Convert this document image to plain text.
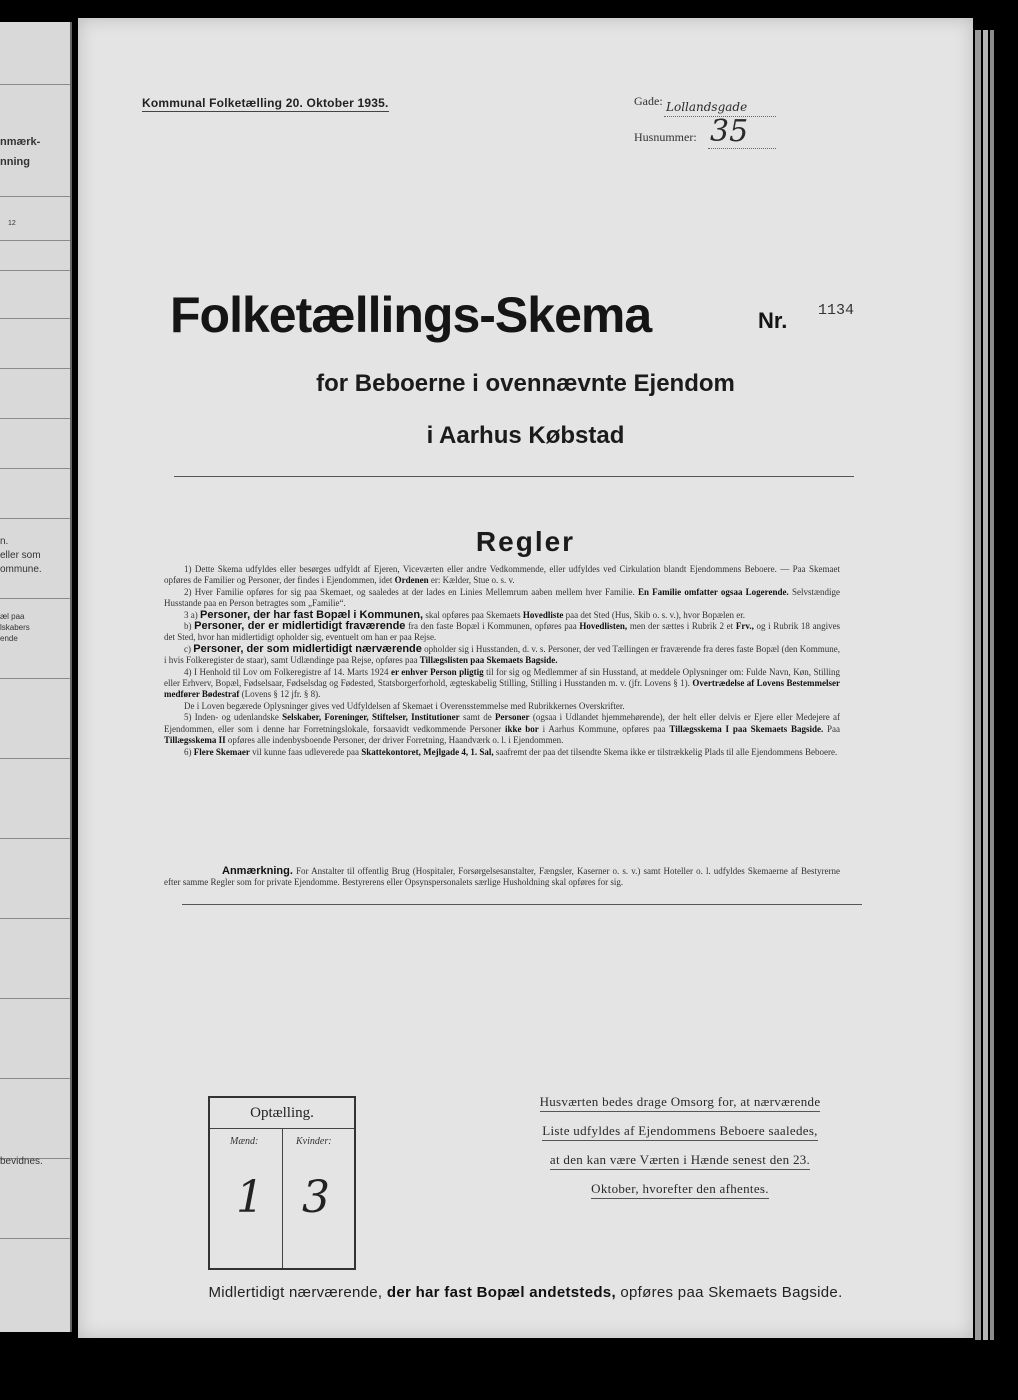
nmærk-
nning
12
n.
eller som
ommune.
æl paa
lskabers
ende
bevidnes.
Kommunal Folketælling 20. Oktober 1935.	Gade: Lollandsgade
Husnummer: 35
Folketællings-Skema	Nr. 1134
for Beboerne i ovennævnte Ejendom
i Aarhus Købstad
Regler

1) Dette Skema udfyldes eller besørges udfyldt af Ejeren, Viceværten eller andre Vedkommende, eller udfyldes ved Cirkulation blandt Ejendommens Beboere. — Paa Skemaet opføres de Familier og Personer, der findes i Ejendommen, idet Ordenen er: Kælder, Stue o. s. v.

2) Hver Familie opføres for sig paa Skemaet, og saaledes at der lades en Linies Mellemrum aaben mellem hver Familie. En Familie omfatter ogsaa Logerende. Selvstændige Husstande paa en Person betragtes som „Familie“.

3 a) Personer, der har fast Bopæl i Kommunen, skal opføres paa Skemaets Hovedliste paa det Sted (Hus, Skib o. s. v.), hvor Bopælen er.

b) Personer, der er midlertidigt fraværende fra den faste Bopæl i Kommunen, opføres paa Hovedlisten, men der sættes i Rubrik 2 et Frv., og i Rubrik 18 angives det Sted, hvor han midlertidigt opholder sig, eventuelt om han er paa Rejse.

c) Personer, der som midlertidigt nærværende opholder sig i Husstanden, d. v. s. Personer, der ved Tællingen er fraværende fra deres faste Bopæl (den Kommune, i hvis Folkeregister de staar), samt Udlændinge paa Rejse, opføres paa Tillægslisten paa Skemaets Bagside.

4) I Henhold til Lov om Folkeregistre af 14. Marts 1924 er enhver Person pligtig til for sig og Medlemmer af sin Husstand, at meddele Oplysninger om: Fulde Navn, Køn, Stilling eller Erhverv, Bopæl, Fødselsaar, Fødselsdag og Fødested, Statsborgerforhold, ægteskabelig Stilling, Stilling i Husstanden m. v. (jfr. Lovens § 1). Overtrædelse af Lovens Bestemmelser medfører Bødestraf (Lovens § 12 jfr. § 8).

De i Loven begærede Oplysninger gives ved Udfyldelsen af Skemaet i Overensstemmelse med Rubrikkernes Overskrifter.

5) Inden- og udenlandske Selskaber, Foreninger, Stiftelser, Institutioner samt de Personer (ogsaa i Udlandet hjemmehørende), der helt eller delvis er Ejere eller Medejere af Ejendommen, eller som i denne har Forretningslokale, forsaavidt vedkommende Personer ikke bor i Aarhus Kommune, opføres paa Tillægsskema I paa Skemaets Bagside. Paa Tillægsskema II opføres alle indenbysboende Personer, der driver Forretning, Haandværk o. l. i Ejendommen.

6) Flere Skemaer vil kunne faas udleverede paa Skattekontoret, Mejlgade 4, 1. Sal, saafremt der paa det tilsendte Skema ikke er tilstrækkelig Plads til alle Ejendommens Beboere.

Anmærkning. For Anstalter til offentlig Brug (Hospitaler, Forsørgelsesanstalter, Fængsler, Kaserner o. s. v.) samt Hoteller o. l. udfyldes Skemaerne af Bestyrerne efter samme Regler som for private Ejendomme. Bestyrerens eller Opsynspersonalets særlige Husholdning skal opføres for sig.
Optælling.
Mænd:	Kvinder:
1 3
Husværten bedes drage Omsorg for, at nærværende
Liste udfyldes af Ejendommens Beboere saaledes,
at den kan være Værten i Hænde senest den 23.
Oktober, hvorefter den afhentes.
Midlertidigt nærværende, der har fast Bopæl andetsteds, opføres paa Skemaets Bagside.
